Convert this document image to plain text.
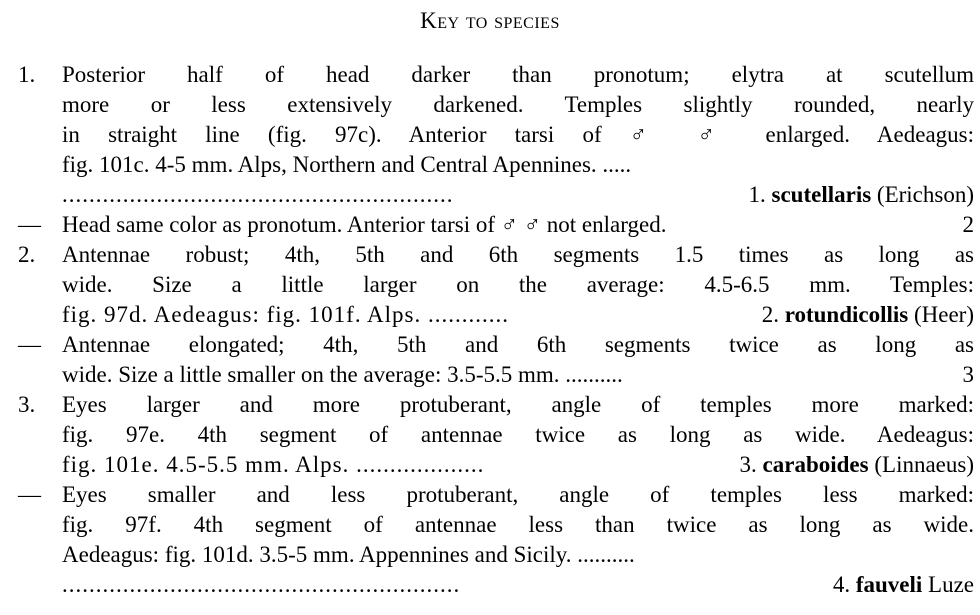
Key to species
1.	Posterior half of head darker than pronotum; elytra at scutellum

more or less extensively darkened. Temples slightly rounded, nearly

in straight line (fig. 97c). Anterior tarsi of ♂ ♂ enlarged. Aedeagus:

fig. 101c. 4-5 mm. Alps, Northern and Central Apennines. .....

..........................................................	1. scutellaris (Erichson)
— Head same color as pronotum. Anterior tarsi of ♂ ♂ not enlarged.	2
2.	Antennae robust; 4th, 5th and 6th segments 1.5 times as long as

wide. Size a little larger on the average: 4.5-6.5 mm. Temples:

fig. 97d. Aedeagus: fig. 101f. Alps. ............	2. rotundicollis (Heer)
— Antennae elongated; 4th, 5th and 6th segments twice as long as

wide. Size a little smaller on the average: 3.5-5.5 mm. ..........	3
3.	Eyes larger and more protuberant, angle of temples more marked:

fig. 97e. 4th segment of antennae twice as long as wide. Aedeagus:

fig. 101e. 4.5-5.5 mm. Alps. ...................	3. caraboides (Linnaeus)
— Eyes smaller and less protuberant, angle of temples less marked:

fig. 97f. 4th segment of antennae less than twice as long as wide.

Aedeagus: fig. 101d. 3.5-5 mm. Appennines and Sicily. ..........

...........................................................	4. fauveli Luze
